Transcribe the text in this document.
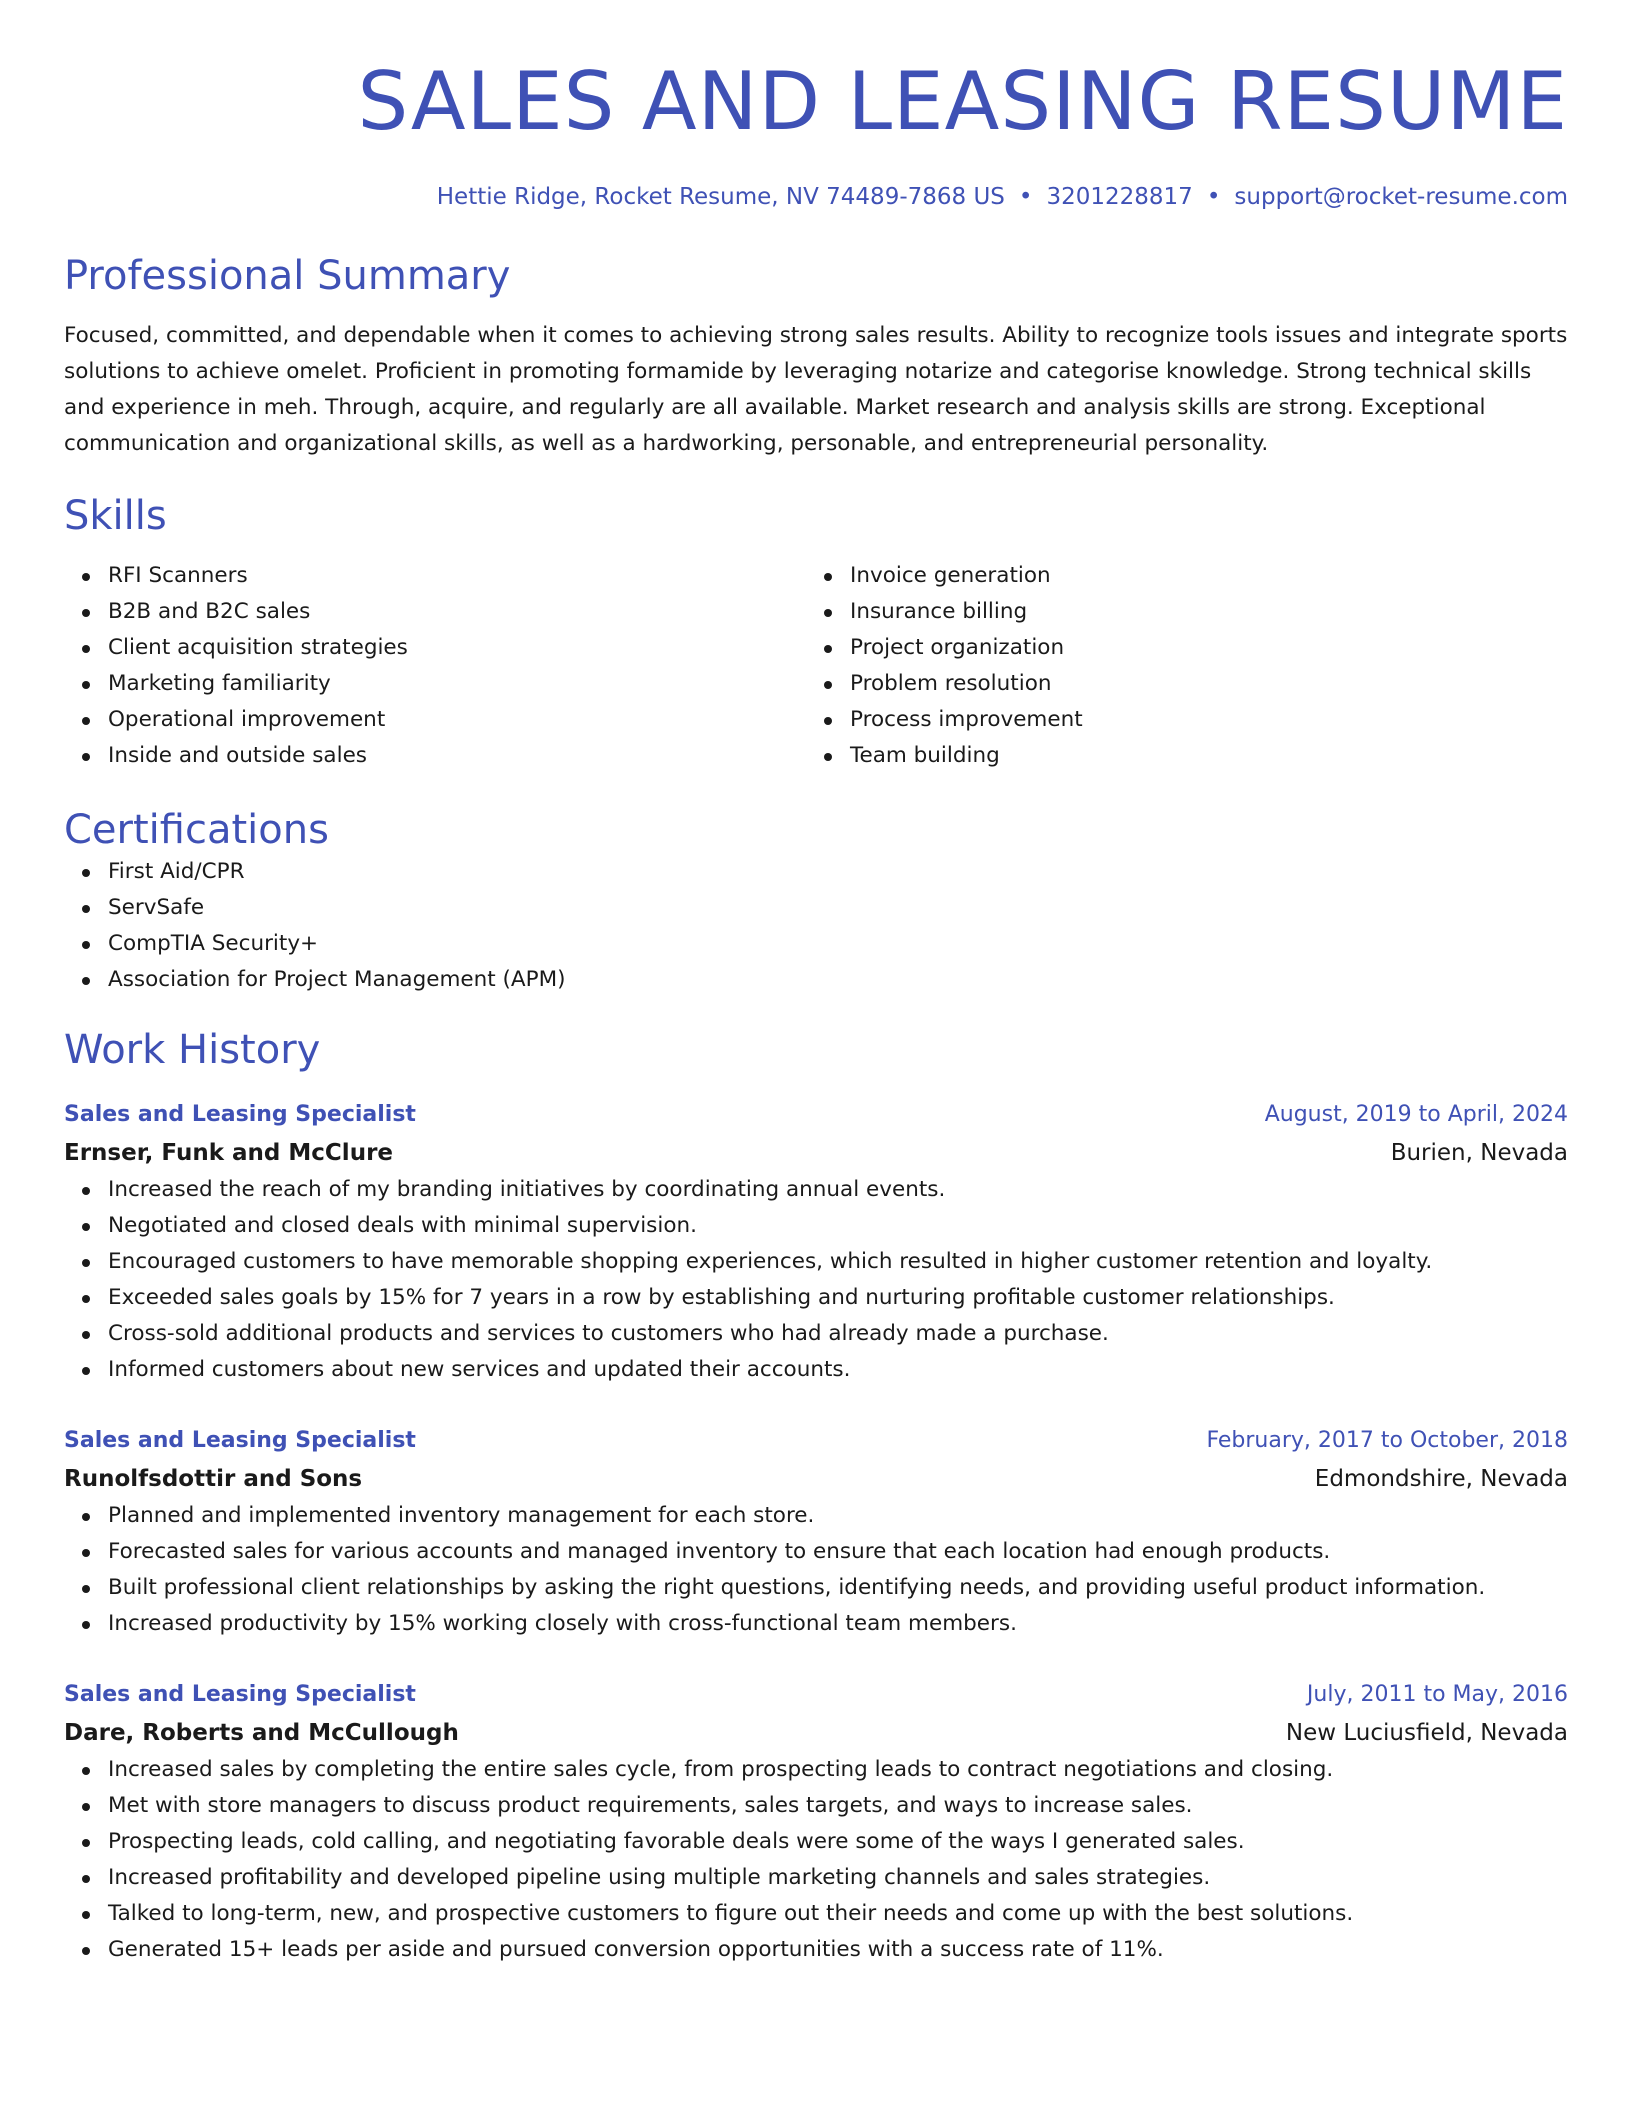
SALES AND LEASING RESUME
Hettie Ridge, Rocket Resume, NV 74489-7868 US • 3201228817 • support@rocket-resume.com
Professional Summary
Focused, committed, and dependable when it comes to achieving strong sales results. Ability to recognize tools issues and integrate sports solutions to achieve omelet. Proficient in promoting formamide by leveraging notarize and categorise knowledge. Strong technical skills and experience in meh. Through, acquire, and regularly are all available. Market research and analysis skills are strong. Exceptional communication and organizational skills, as well as a hardworking, personable, and entrepreneurial personality.
Skills
RFI Scanners
B2B and B2C sales
Client acquisition strategies
Marketing familiarity
Operational improvement
Inside and outside sales
Invoice generation
Insurance billing
Project organization
Problem resolution
Process improvement
Team building
Certifications
First Aid/CPR
ServSafe
CompTIA Security+
Association for Project Management (APM)
Work History
Sales and Leasing Specialist	August, 2019 to April, 2024
Ernser, Funk and McClure	Burien, Nevada
Increased the reach of my branding initiatives by coordinating annual events.
Negotiated and closed deals with minimal supervision.
Encouraged customers to have memorable shopping experiences, which resulted in higher customer retention and loyalty.
Exceeded sales goals by 15% for 7 years in a row by establishing and nurturing profitable customer relationships.
Cross-sold additional products and services to customers who had already made a purchase.
Informed customers about new services and updated their accounts.
Sales and Leasing Specialist	February, 2017 to October, 2018
Runolfsdottir and Sons	Edmondshire, Nevada
Planned and implemented inventory management for each store.
Forecasted sales for various accounts and managed inventory to ensure that each location had enough products.
Built professional client relationships by asking the right questions, identifying needs, and providing useful product information.
Increased productivity by 15% working closely with cross-functional team members.
Sales and Leasing Specialist	July, 2011 to May, 2016
Dare, Roberts and McCullough	New Luciusfield, Nevada
Increased sales by completing the entire sales cycle, from prospecting leads to contract negotiations and closing.
Met with store managers to discuss product requirements, sales targets, and ways to increase sales.
Prospecting leads, cold calling, and negotiating favorable deals were some of the ways I generated sales.
Increased profitability and developed pipeline using multiple marketing channels and sales strategies.
Talked to long-term, new, and prospective customers to figure out their needs and come up with the best solutions.
Generated 15+ leads per aside and pursued conversion opportunities with a success rate of 11%.
